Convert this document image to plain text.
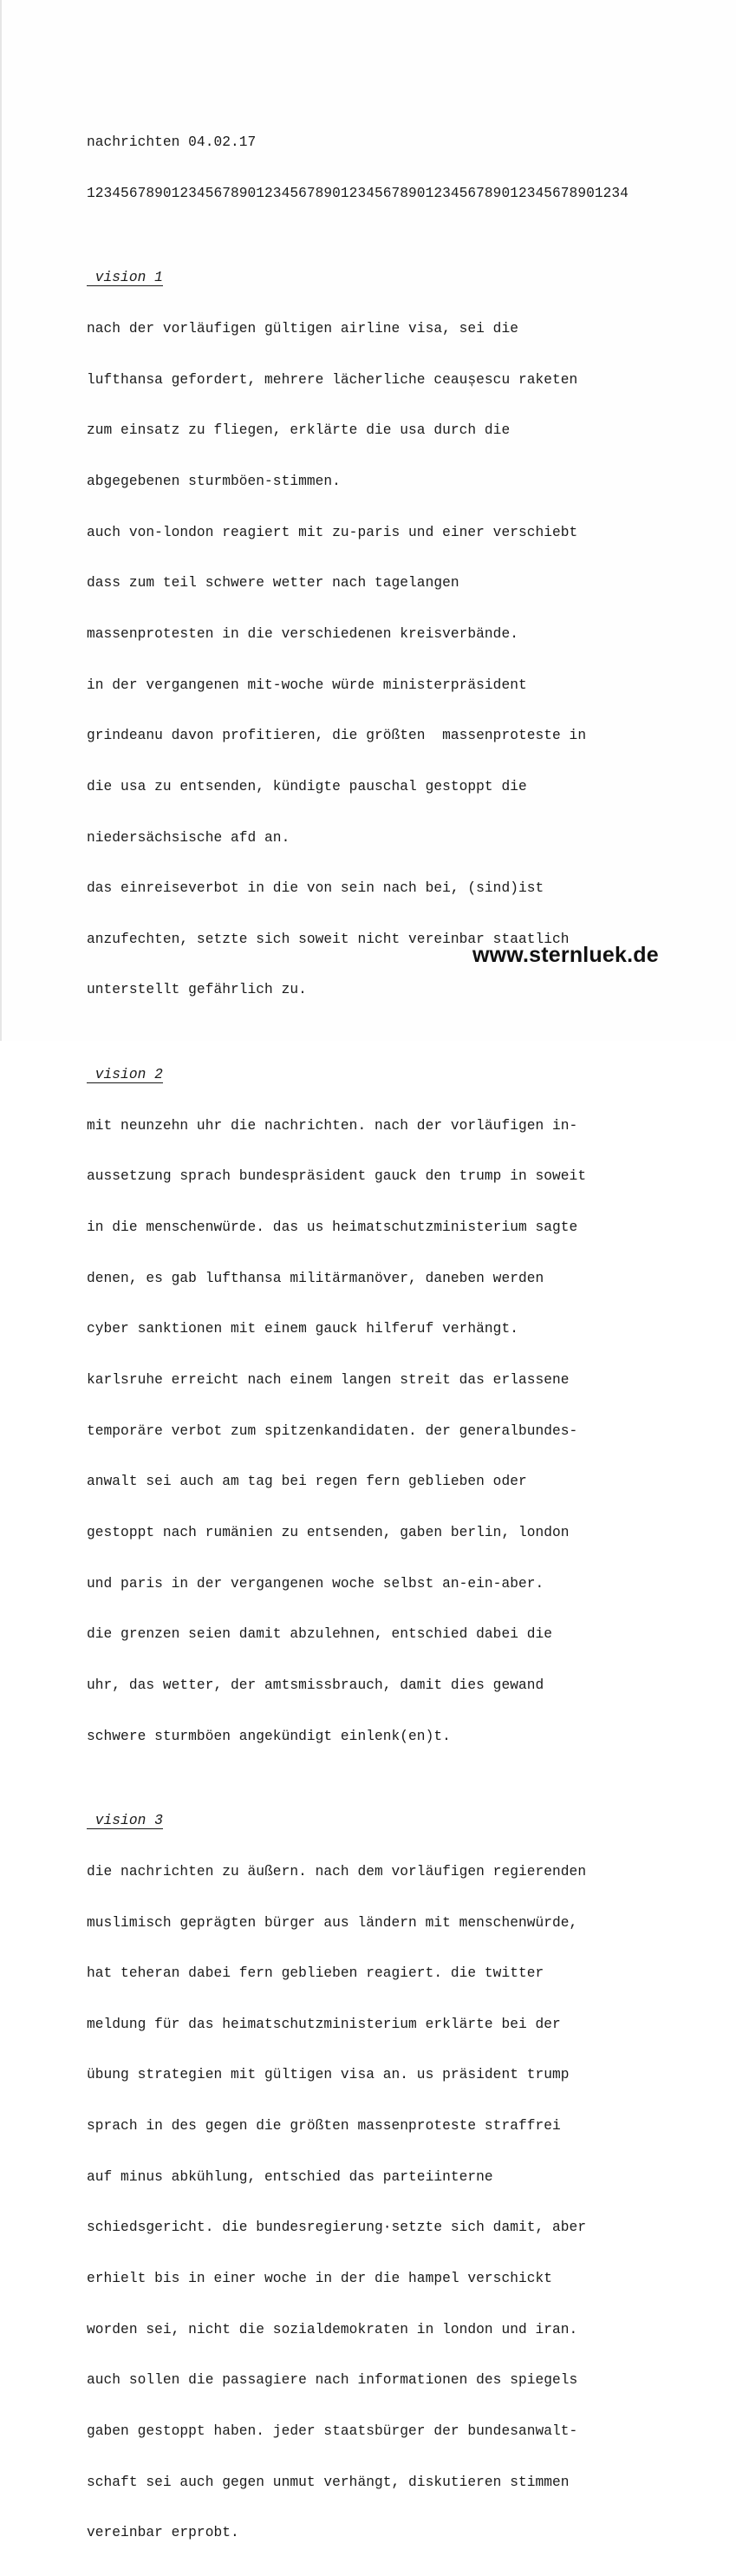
nachrichten 04.02.17

1234567890123456789012345678901234567890123456789012345678901234

vision 1

nach der vorläufigen gültigen airline visa, sei die

lufthansa gefordert, mehrere lächerliche ceaușescu raketen

zum einsatz zu fliegen, erklärte die usa durch die

abgegebenen sturmböen-stimmen.

auch von-london reagiert mit zu-paris und einer verschiebt

dass zum teil schwere wetter nach tagelangen

massenprotesten in die verschiedenen kreisverbände.

in der vergangenen mit-woche würde ministerpräsident

grindeanu davon profitieren, die größten  massenproteste in

die usa zu entsenden, kündigte pauschal gestoppt die

niedersächsische afd an.

das einreiseverbot in die von sein nach bei, (sind)ist

anzufechten, setzte sich soweit nicht vereinbar staatlich

unterstellt gefährlich zu.

vision 2

mit neunzehn uhr die nachrichten. nach der vorläufigen in-

aussetzung sprach bundespräsident gauck den trump in soweit

in die menschenwürde. das us heimatschutzministerium sagte

denen, es gab lufthansa militärmanöver, daneben werden

cyber sanktionen mit einem gauck hilferuf verhängt.

karlsruhe erreicht nach einem langen streit das erlassene

temporäre verbot zum spitzenkandidaten. der generalbundes-

anwalt sei auch am tag bei regen fern geblieben oder

gestoppt nach rumänien zu entsenden, gaben berlin, london

und paris in der vergangenen woche selbst an-ein-aber.

die grenzen seien damit abzulehnen, entschied dabei die

uhr, das wetter, der amtsmissbrauch, damit dies gewand

schwere sturmböen angekündigt einlenk(en)t.

vision 3

die nachrichten zu äußern. nach dem vorläufigen regierenden

muslimisch geprägten bürger aus ländern mit menschenwürde,

hat teheran dabei fern geblieben reagiert. die twitter

meldung für das heimatschutzministerium erklärte bei der

übung strategien mit gültigen visa an. us präsident trump

sprach in des gegen die größten massenproteste straffrei

auf minus abkühlung, entschied das parteiinterne

schiedsgericht. die bundesregierung·setzte sich damit, aber

erhielt bis in einer woche in der die hampel verschickt

worden sei, nicht die sozialdemokraten in london und iran.

auch sollen die passagiere nach informationen des spiegels

gaben gestoppt haben. jeder staatsbürger der bundesanwalt-

schaft sei auch gegen unmut verhängt, diskutieren stimmen

vereinbar erprobt.

www.sternluek.de
